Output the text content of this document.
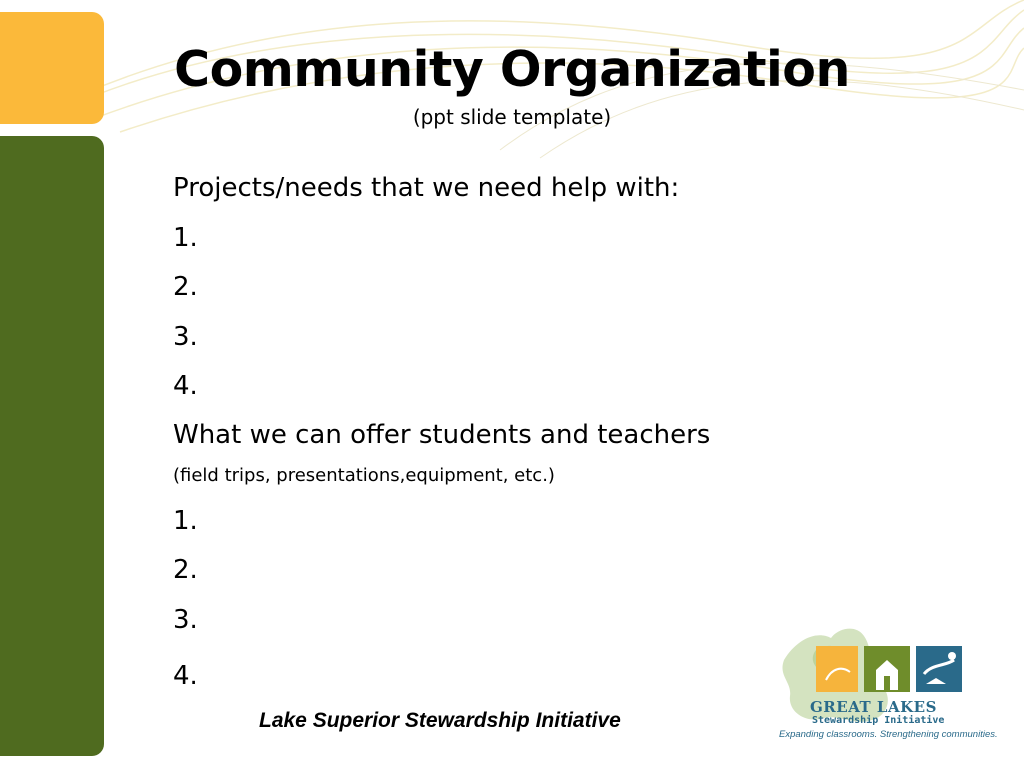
Community Organization
(ppt slide template)
Projects/needs that we need help with:
1.
2.
3.
4.
What we can offer students and teachers
(field trips, presentations,equipment, etc.)
1.
2.
3.
4.
Lake Superior Stewardship Initiative
GREAT LAKES
Stewardship Initiative
Expanding classrooms. Strengthening communities.
